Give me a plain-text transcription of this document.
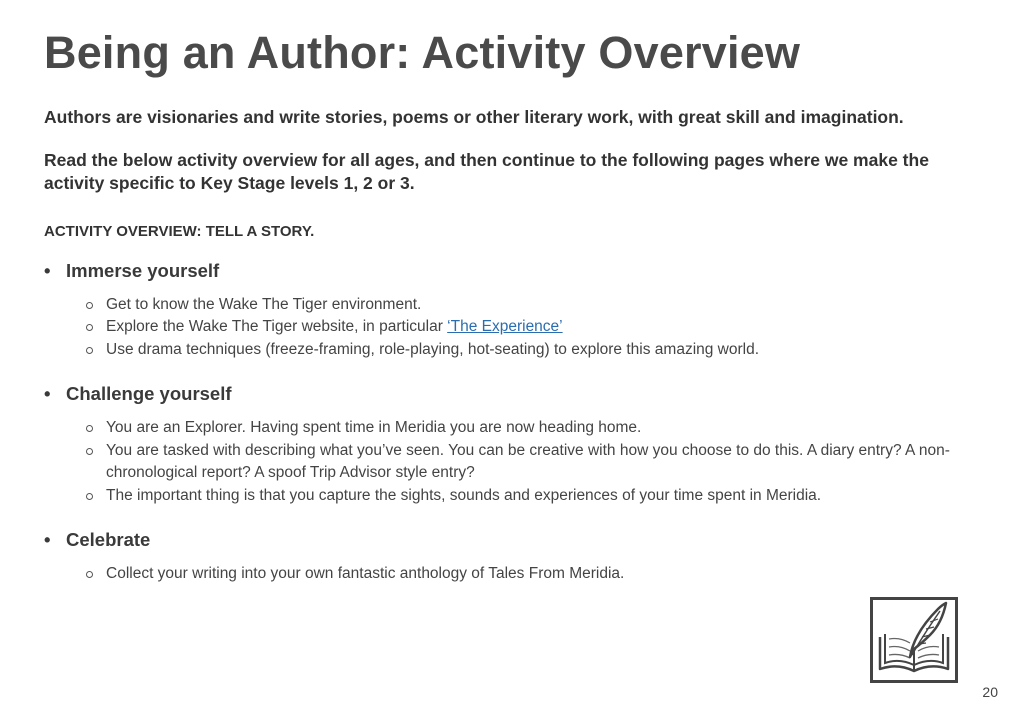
Being an Author: Activity Overview

Authors are visionaries and write stories, poems or other literary work, with great skill and imagination.

Read the below activity overview for all ages, and then continue to the following pages where we make the activity specific to Key Stage levels 1, 2 or 3.

ACTIVITY OVERVIEW: TELL A STORY.
• Immerse yourself
Get to know the Wake The Tiger environment.
Explore the Wake The Tiger website, in particular ‘The Experience’
Use drama techniques (freeze-framing, role-playing, hot-seating) to explore this amazing world.
• Challenge yourself
You are an Explorer. Having spent time in Meridia you are now heading home.
You are tasked with describing what you’ve seen. You can be creative with how you choose to do this. A diary entry? A non-chronological report? A spoof Trip Advisor style entry?
The important thing is that you capture the sights, sounds and experiences of your time spent in Meridia.
• Celebrate
Collect your writing into your own fantastic anthology of Tales From Meridia.
20
